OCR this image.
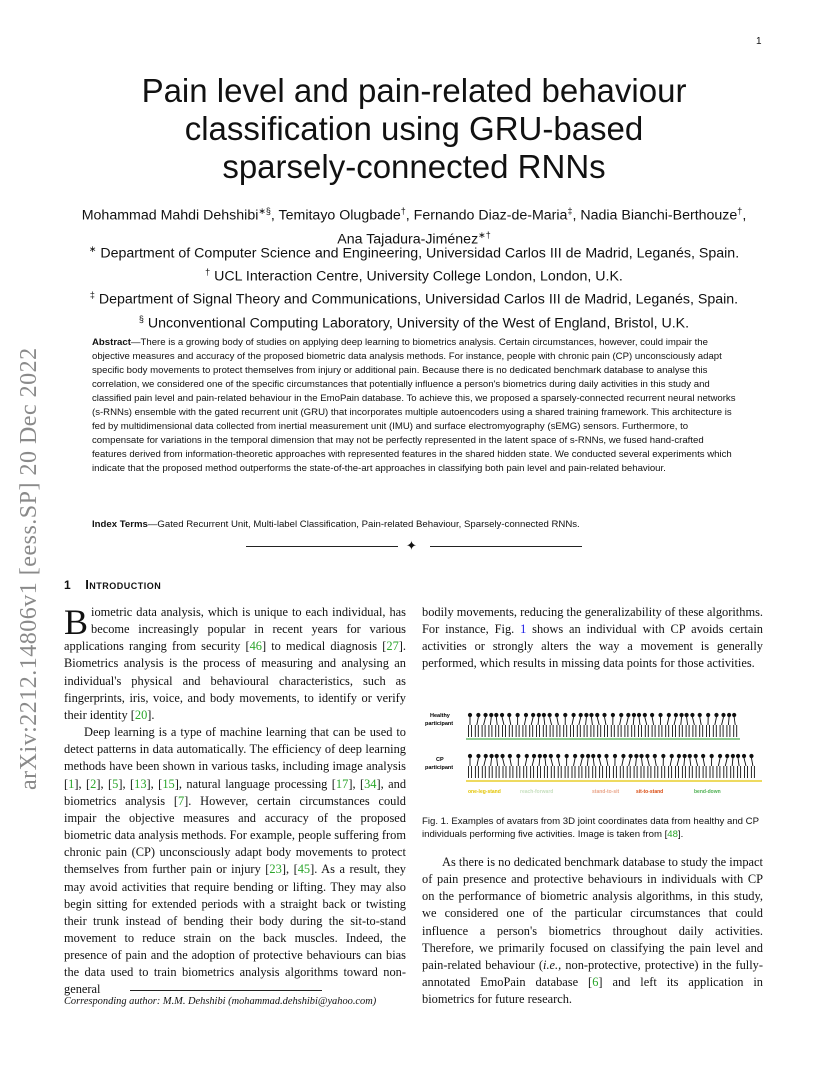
1
arXiv:2212.14806v1 [eess.SP] 20 Dec 2022
Pain level and pain-related behaviour
classification using GRU-based
sparsely-connected RNNs
Mohammad Mahdi Dehshibi∗§, Temitayo Olugbade†, Fernando Diaz-de-Maria‡, Nadia Bianchi-Berthouze†,
Ana Tajadura-Jiménez∗†
∗ Department of Computer Science and Engineering, Universidad Carlos III de Madrid, Leganés, Spain.
† UCL Interaction Centre, University College London, London, U.K.
‡ Department of Signal Theory and Communications, Universidad Carlos III de Madrid, Leganés, Spain.
§ Unconventional Computing Laboratory, University of the West of England, Bristol, U.K.
Abstract—There is a growing body of studies on applying deep learning to biometrics analysis. Certain circumstances, however, could impair the objective measures and accuracy of the proposed biometric data analysis methods. For instance, people with chronic pain (CP) unconsciously adapt specific body movements to protect themselves from injury or additional pain. Because there is no dedicated benchmark database to analyse this correlation, we considered one of the specific circumstances that potentially influence a person's biometrics during daily activities in this study and classified pain level and pain-related behaviour in the EmoPain database. To achieve this, we proposed a sparsely-connected recurrent neural networks (s-RNNs) ensemble with the gated recurrent unit (GRU) that incorporates multiple autoencoders using a shared training framework. This architecture is fed by multidimensional data collected from inertial measurement unit (IMU) and surface electromyography (sEMG) sensors. Furthermore, to compensate for variations in the temporal dimension that may not be perfectly represented in the latent space of s-RNNs, we fused hand-crafted features derived from information-theoretic approaches with represented features in the shared hidden state. We conducted several experiments which indicate that the proposed method outperforms the state-of-the-art approaches in classifying both pain level and pain-related behaviour.
Index Terms—Gated Recurrent Unit, Multi-label Classification, Pain-related Behaviour, Sparsely-connected RNNs.
✦
1 Introduction

Biometric data analysis, which is unique to each individual, has become increasingly popular in recent years for various applications ranging from security [46] to medical diagnosis [27]. Biometrics analysis is the process of measuring and analysing an individual's physical and behavioural characteristics, such as fingerprints, iris, voice, and body movements, to identify or verify their identity [20].

Deep learning is a type of machine learning that can be used to detect patterns in data automatically. The efficiency of deep learning methods have been shown in various tasks, including image analysis [1], [2], [5], [13], [15], natural language processing [17], [34], and biometrics analysis [7]. However, certain circumstances could impair the objective measures and accuracy of the proposed biometric data analysis methods. For example, people suffering from chronic pain (CP) unconsciously adapt body movements to protect themselves from further pain or injury [23], [45]. As a result, they may avoid activities that require bending or lifting. They may also begin sitting for extended periods with a straight back or twisting their trunk instead of bending their body during the sit-to-stand movement to reduce strain on the back muscles. Indeed, the presence of pain and the adoption of protective behaviours can bias the data used to train biometrics analysis algorithms toward non-general

bodily movements, reducing the generalizability of these algorithms. For instance, Fig. 1 shows an individual with CP avoids certain activities or strongly alters the way a movement is generally performed, which results in missing data points for those activities.

Healthy
participant
CP
participant
one-leg-stand	reach-forward	stand-to-sit	sit-to-stand	bend-down
Fig. 1. Examples of avatars from 3D joint coordinates data from healthy and CP individuals performing five activities. Image is taken from [48].

As there is no dedicated benchmark database to study the impact of pain presence and protective behaviours in individuals with CP on the performance of biometric analysis algorithms, in this study, we considered one of the particular circumstances that could influence a person's biometrics throughout daily activities. Therefore, we primarily focused on classifying the pain level and pain-related behaviour (i.e., non-protective, protective) in the fully-annotated EmoPain database [6] and left its application in biometrics for future research.

Corresponding author: M.M. Dehshibi (mohammad.dehshibi@yahoo.com)
